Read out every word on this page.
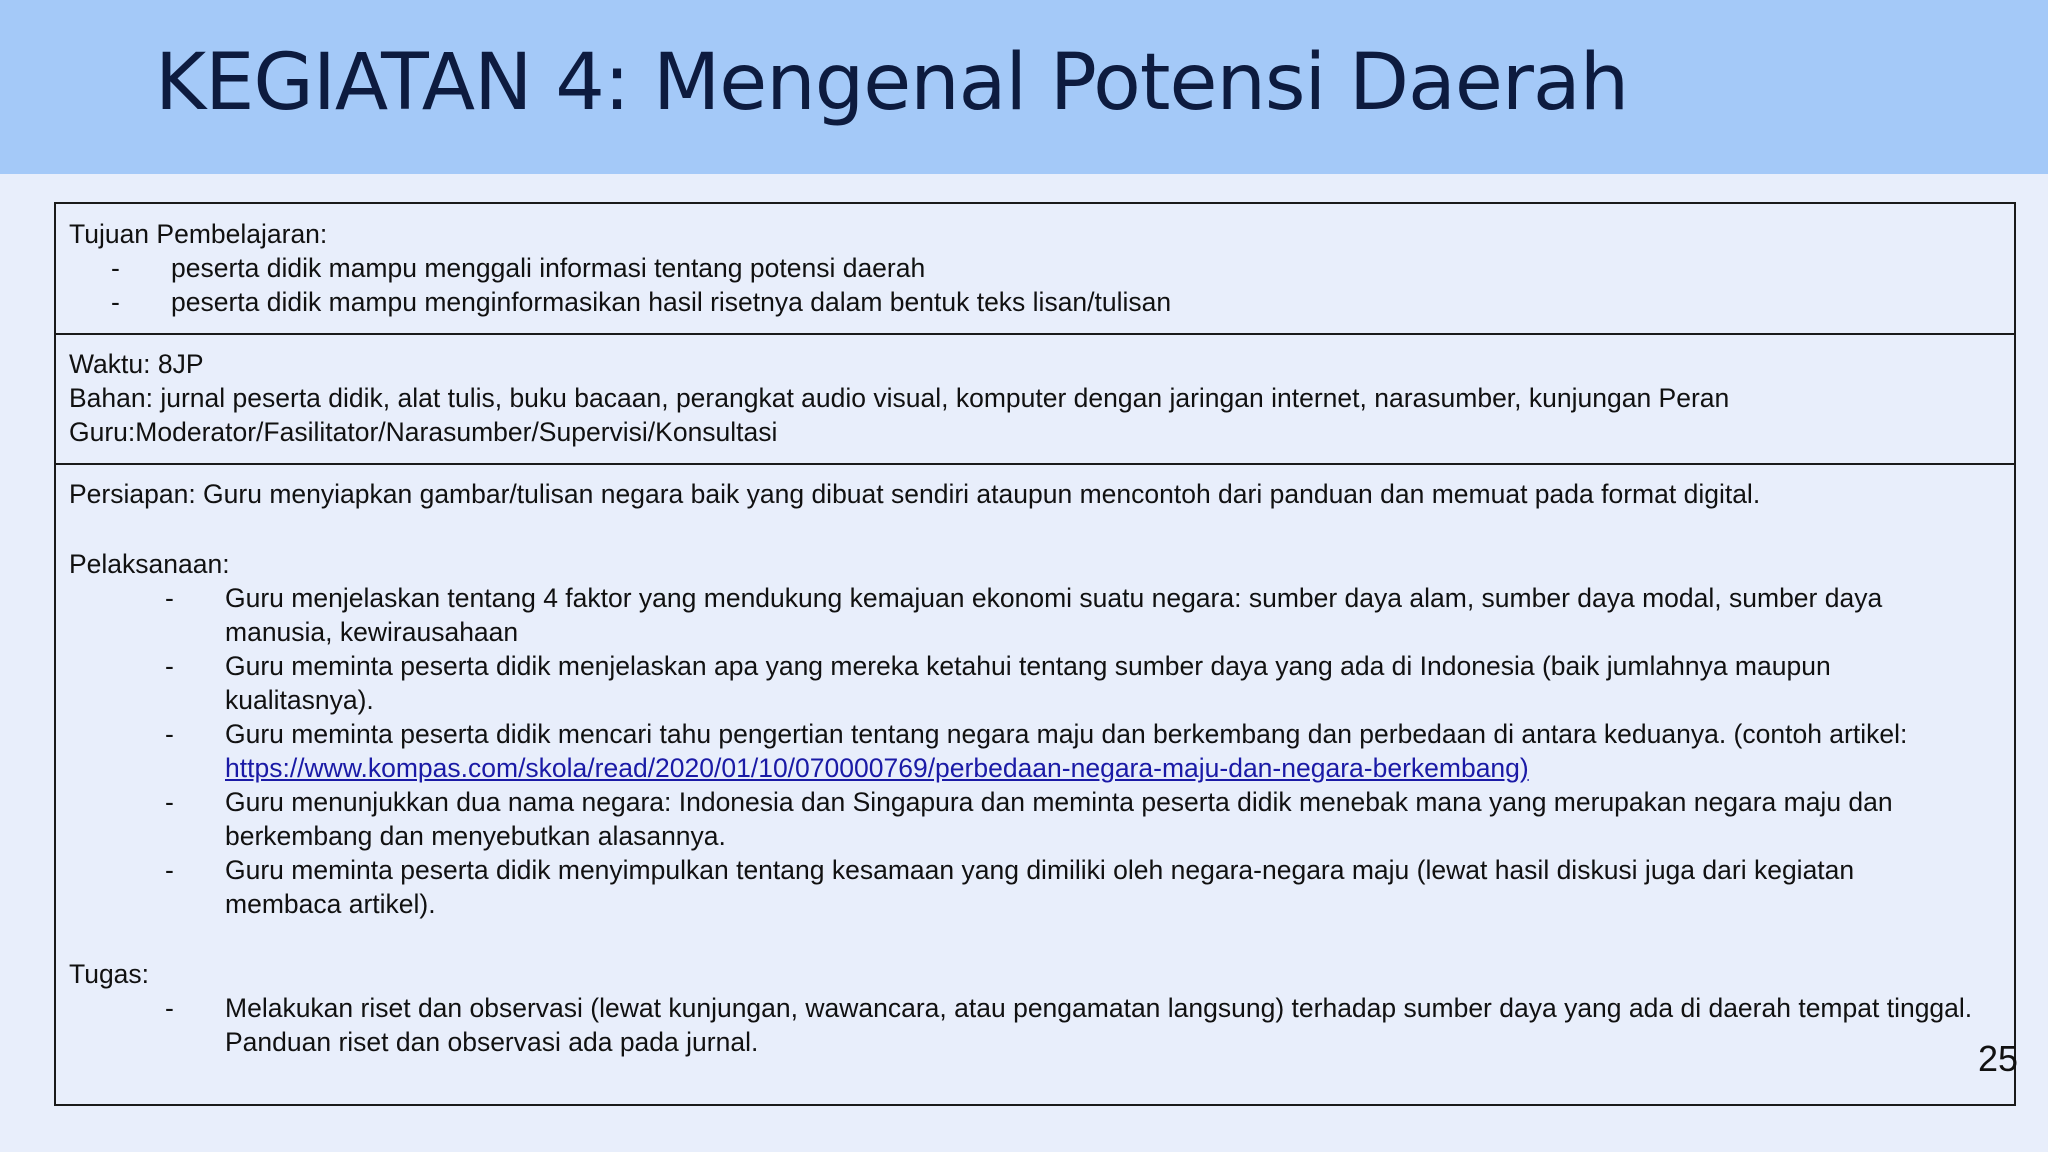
KEGIATAN 4: Mengenal Potensi Daerah

Tujuan Pembelajaran:

- peserta didik mampu menggali informasi tentang potensi daerah
- peserta didik mampu menginformasikan hasil risetnya dalam bentuk teks lisan/tulisan

Waktu: 8JP

Bahan: jurnal peserta didik, alat tulis, buku bacaan, perangkat audio visual, komputer dengan jaringan internet, narasumber, kunjungan Peran

Guru:Moderator/Fasilitator/Narasumber/Supervisi/Konsultasi

Persiapan: Guru menyiapkan gambar/tulisan negara baik yang dibuat sendiri ataupun mencontoh dari panduan dan memuat pada format digital.

Pelaksanaan:

- Guru menjelaskan tentang 4 faktor yang mendukung kemajuan ekonomi suatu negara: sumber daya alam, sumber daya modal, sumber daya manusia, kewirausahaan
- Guru meminta peserta didik menjelaskan apa yang mereka ketahui tentang sumber daya yang ada di Indonesia (baik jumlahnya maupun kualitasnya).
- Guru meminta peserta didik mencari tahu pengertian tentang negara maju dan berkembang dan perbedaan di antara keduanya. (contoh artikel: https://www.kompas.com/skola/read/2020/01/10/070000769/perbedaan-negara-maju-dan-negara-berkembang)
- Guru menunjukkan dua nama negara: Indonesia dan Singapura dan meminta peserta didik menebak mana yang merupakan negara maju dan berkembang dan menyebutkan alasannya.
- Guru meminta peserta didik menyimpulkan tentang kesamaan yang dimiliki oleh negara-negara maju (lewat hasil diskusi juga dari kegiatan membaca artikel).

Tugas:

- Melakukan riset dan observasi (lewat kunjungan, wawancara, atau pengamatan langsung) terhadap sumber daya yang ada di daerah tempat tinggal. Panduan riset dan observasi ada pada jurnal.	25
